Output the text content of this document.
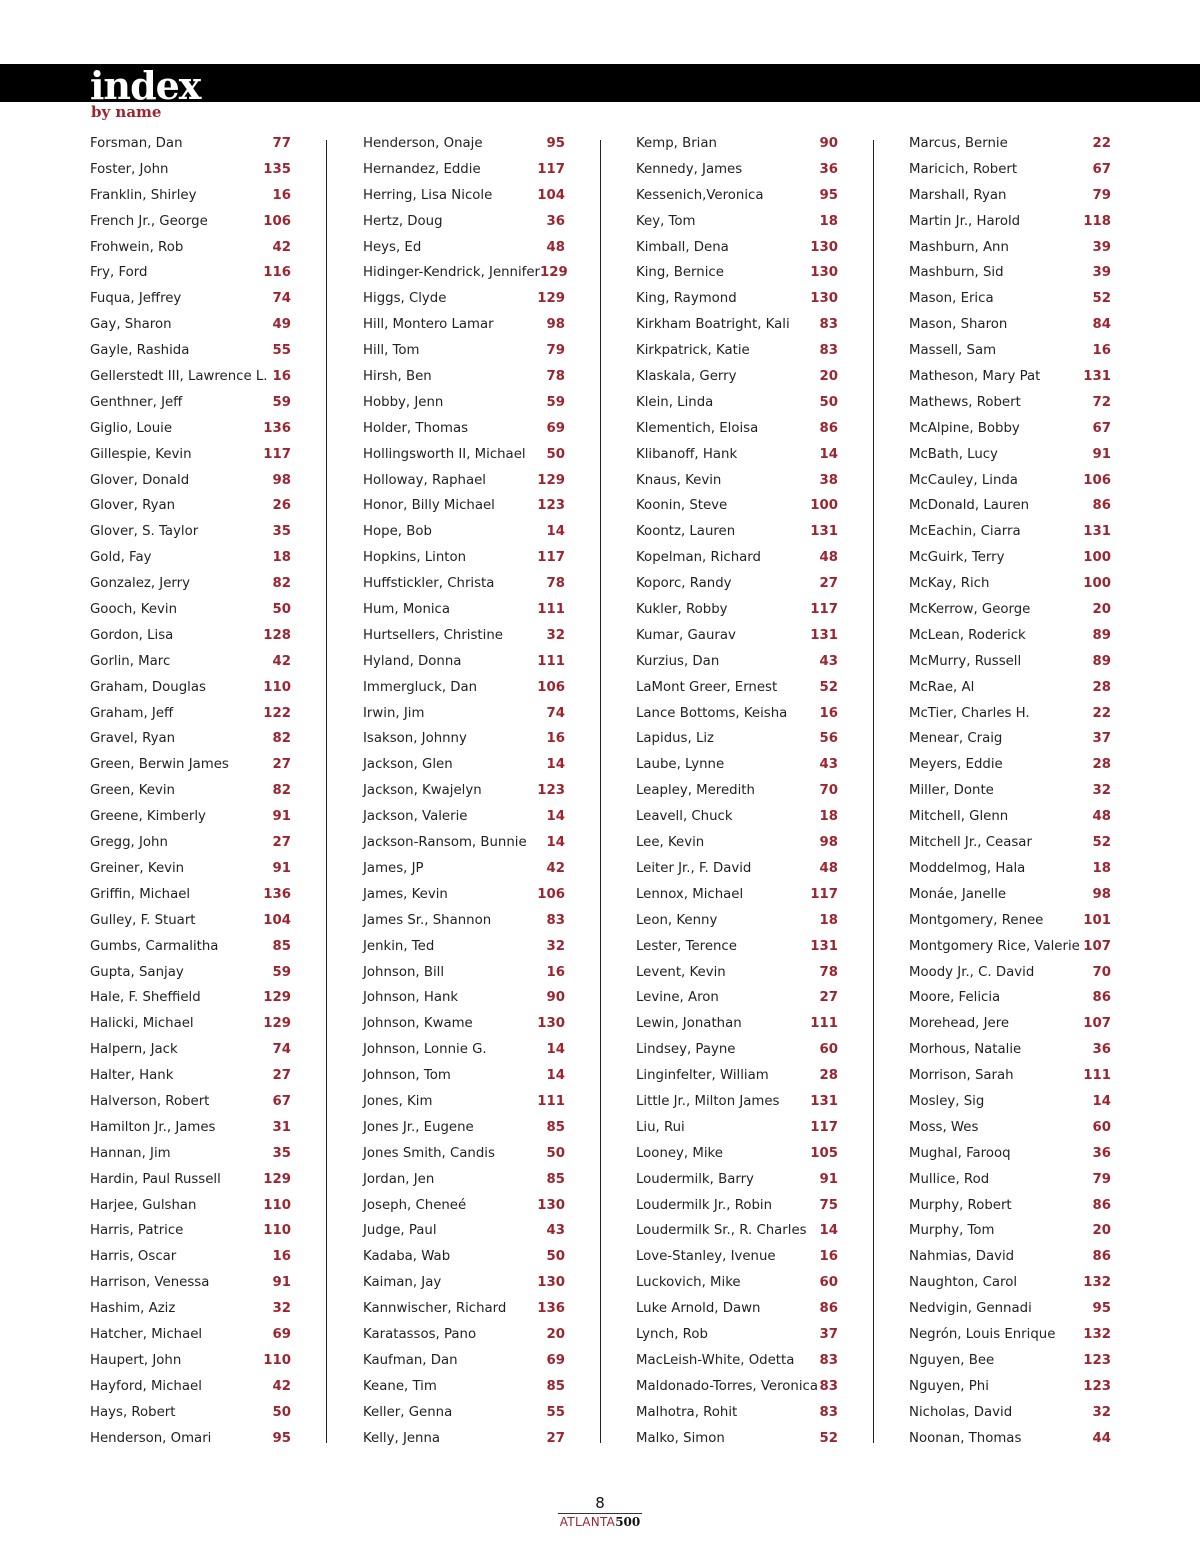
index
by name
Forsman, Dan	77
Foster, John	135
Franklin, Shirley	16
French Jr., George	106
Frohwein, Rob	42
Fry, Ford	116
Fuqua, Jeffrey	74
Gay, Sharon	49
Gayle, Rashida	55
Gellerstedt III, Lawrence L. 16
Genthner, Jeff	59
Giglio, Louie	136
Gillespie, Kevin	117
Glover, Donald	98
Glover, Ryan	26
Glover, S. Taylor	35
Gold, Fay	18
Gonzalez, Jerry	82
Gooch, Kevin	50
Gordon, Lisa	128
Gorlin, Marc	42
Graham, Douglas	110
Graham, Jeff	122
Gravel, Ryan	82
Green, Berwin James	27
Green, Kevin	82
Greene, Kimberly	91
Gregg, John	27
Greiner, Kevin	91
Griffin, Michael	136
Gulley, F. Stuart	104
Gumbs, Carmalitha	85
Gupta, Sanjay	59
Hale, F. Sheffield	129
Halicki, Michael	129
Halpern, Jack	74
Halter, Hank	27
Halverson, Robert	67
Hamilton Jr., James	31
Hannan, Jim	35
Hardin, Paul Russell	129
Harjee, Gulshan	110
Harris, Patrice	110
Harris, Oscar	16
Harrison, Venessa	91
Hashim, Aziz	32
Hatcher, Michael	69
Haupert, John	110
Hayford, Michael	42
Hays, Robert	50
Henderson, Omari	95
Henderson, Onaje	95
Hernandez, Eddie	117
Herring, Lisa Nicole	104
Hertz, Doug	36
Heys, Ed	48
Hidinger-Kendrick, Jennifer 129
Higgs, Clyde	129
Hill, Montero Lamar	98
Hill, Tom	79
Hirsh, Ben	78
Hobby, Jenn	59
Holder, Thomas	69
Hollingsworth II, Michael 50
Holloway, Raphael	129
Honor, Billy Michael	123
Hope, Bob	14
Hopkins, Linton	117
Huffstickler, Christa	78
Hum, Monica	111
Hurtsellers, Christine	32
Hyland, Donna	111
Immergluck, Dan	106
Irwin, Jim	74
Isakson, Johnny	16
Jackson, Glen	14
Jackson, Kwajelyn	123
Jackson, Valerie	14
Jackson-Ransom, Bunnie 14
James, JP	42
James, Kevin	106
James Sr., Shannon	83
Jenkin, Ted	32
Johnson, Bill	16
Johnson, Hank	90
Johnson, Kwame	130
Johnson, Lonnie G.	14
Johnson, Tom	14
Jones, Kim	111
Jones Jr., Eugene	85
Jones Smith, Candis	50
Jordan, Jen	85
Joseph, Cheneé	130
Judge, Paul	43
Kadaba, Wab	50
Kaiman, Jay	130
Kannwischer, Richard 136
Karatassos, Pano	20
Kaufman, Dan	69
Keane, Tim	85
Keller, Genna	55
Kelly, Jenna	27
Kemp, Brian	90
Kennedy, James	36
Kessenich,Veronica	95
Key, Tom	18
Kimball, Dena	130
King, Bernice	130
King, Raymond	130
Kirkham Boatright, Kali 83
Kirkpatrick, Katie	83
Klaskala, Gerry	20
Klein, Linda	50
Klementich, Eloisa	86
Klibanoff, Hank	14
Knaus, Kevin	38
Koonin, Steve	100
Koontz, Lauren	131
Kopelman, Richard	48
Koporc, Randy	27
Kukler, Robby	117
Kumar, Gaurav	131
Kurzius, Dan	43
LaMont Greer, Ernest	52
Lance Bottoms, Keisha 16
Lapidus, Liz	56
Laube, Lynne	43
Leapley, Meredith	70
Leavell, Chuck	18
Lee, Kevin	98
Leiter Jr., F. David	48
Lennox, Michael	117
Leon, Kenny	18
Lester, Terence	131
Levent, Kevin	78
Levine, Aron	27
Lewin, Jonathan	111
Lindsey, Payne	60
Linginfelter, William	28
Little Jr., Milton James 131
Liu, Rui	117
Looney, Mike	105
Loudermilk, Barry	91
Loudermilk Jr., Robin	75
Loudermilk Sr., R. Charles 14
Love-Stanley, Ivenue	16
Luckovich, Mike	60
Luke Arnold, Dawn	86
Lynch, Rob	37
MacLeish-White, Odetta 83
Maldonado-Torres, Veronica 83
Malhotra, Rohit	83
Malko, Simon	52
Marcus, Bernie	22
Maricich, Robert	67
Marshall, Ryan	79
Martin Jr., Harold	118
Mashburn, Ann	39
Mashburn, Sid	39
Mason, Erica	52
Mason, Sharon	84
Massell, Sam	16
Matheson, Mary Pat	131
Mathews, Robert	72
McAlpine, Bobby	67
McBath, Lucy	91
McCauley, Linda	106
McDonald, Lauren	86
McEachin, Ciarra	131
McGuirk, Terry	100
McKay, Rich	100
McKerrow, George	20
McLean, Roderick	89
McMurry, Russell	89
McRae, Al	28
McTier, Charles H.	22
Menear, Craig	37
Meyers, Eddie	28
Miller, Donte	32
Mitchell, Glenn	48
Mitchell Jr., Ceasar	52
Moddelmog, Hala	18
Monáe, Janelle	98
Montgomery, Renee	101
Montgomery Rice, Valerie 107
Moody Jr., C. David	70
Moore, Felicia	86
Morehead, Jere	107
Morhous, Natalie	36
Morrison, Sarah	111
Mosley, Sig	14
Moss, Wes	60
Mughal, Farooq	36
Mullice, Rod	79
Murphy, Robert	86
Murphy, Tom	20
Nahmias, David	86
Naughton, Carol	132
Nedvigin, Gennadi	95
Negrón, Louis Enrique 132
Nguyen, Bee	123
Nguyen, Phi	123
Nicholas, David	32
Noonan, Thomas	44
8
ATLANTA500
